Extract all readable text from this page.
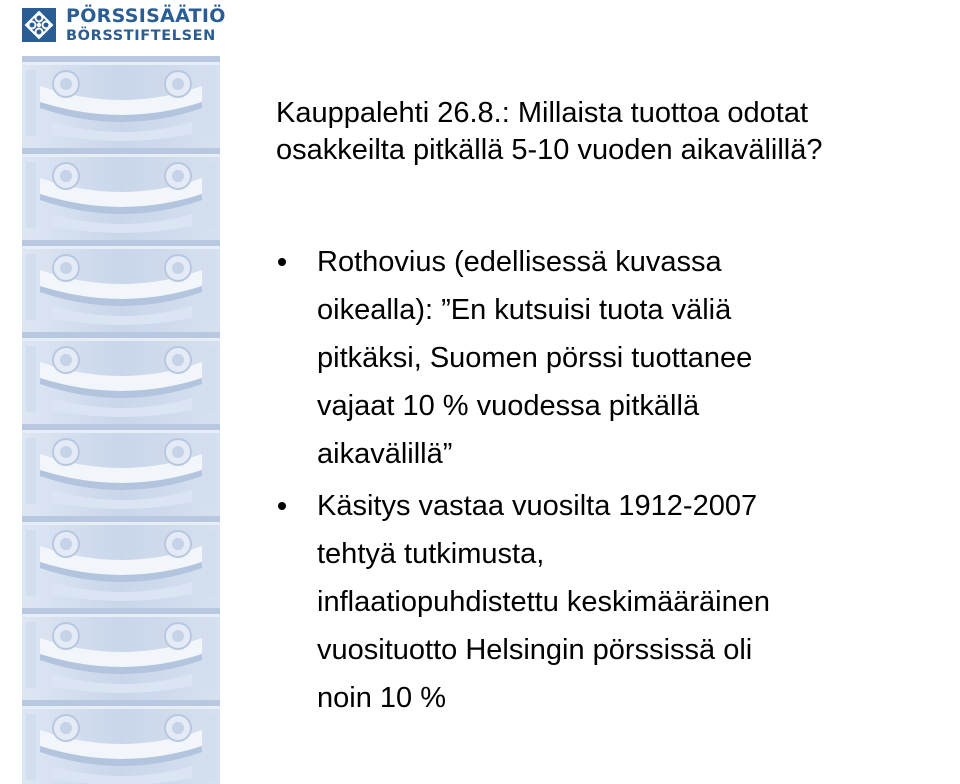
PÖRSSISÄÄTIÖ
BÖRSSTIFTELSEN
Kauppalehti 26.8.: Millaista tuottoa odotat
osakkeilta pitkällä 5-10 vuoden aikavälillä?
Rothovius (edellisessä kuvassa
oikealla): ”En kutsuisi tuota väliä
pitkäksi, Suomen pörssi tuottanee
vajaat 10 % vuodessa pitkällä
aikavälillä”
Käsitys vastaa vuosilta 1912-2007
tehtyä tutkimusta,
inflaatiopuhdistettu keskimääräinen
vuosituotto Helsingin pörssissä oli
noin 10 %
